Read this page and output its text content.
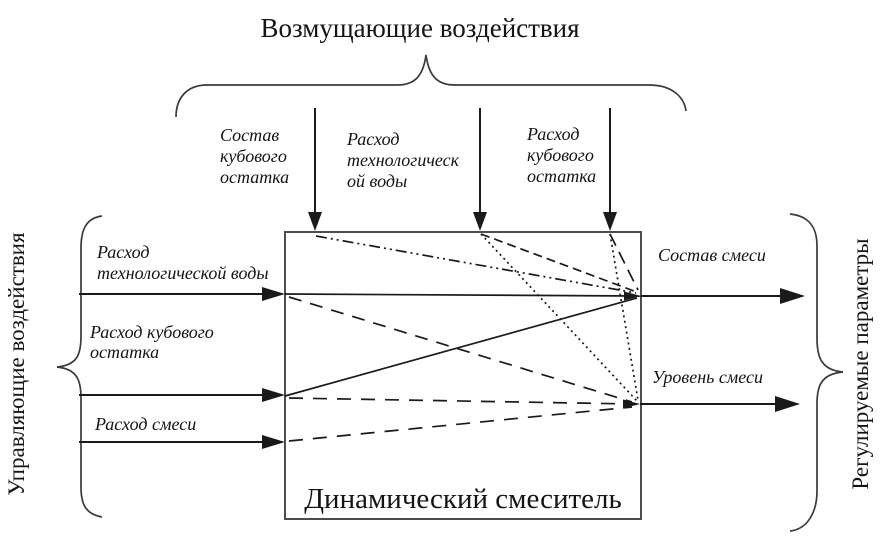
Возмущающие воздействия
Управляющие воздействия	Регулируемые параметры
Динамический смеситель
Состав
кубового
остатка
Расход
технологическ
ой воды
Расход
кубового
остатка
Расход
технологической воды
Расход кубового
остатка
Расход смеси
Состав смеси
Уровень смеси
